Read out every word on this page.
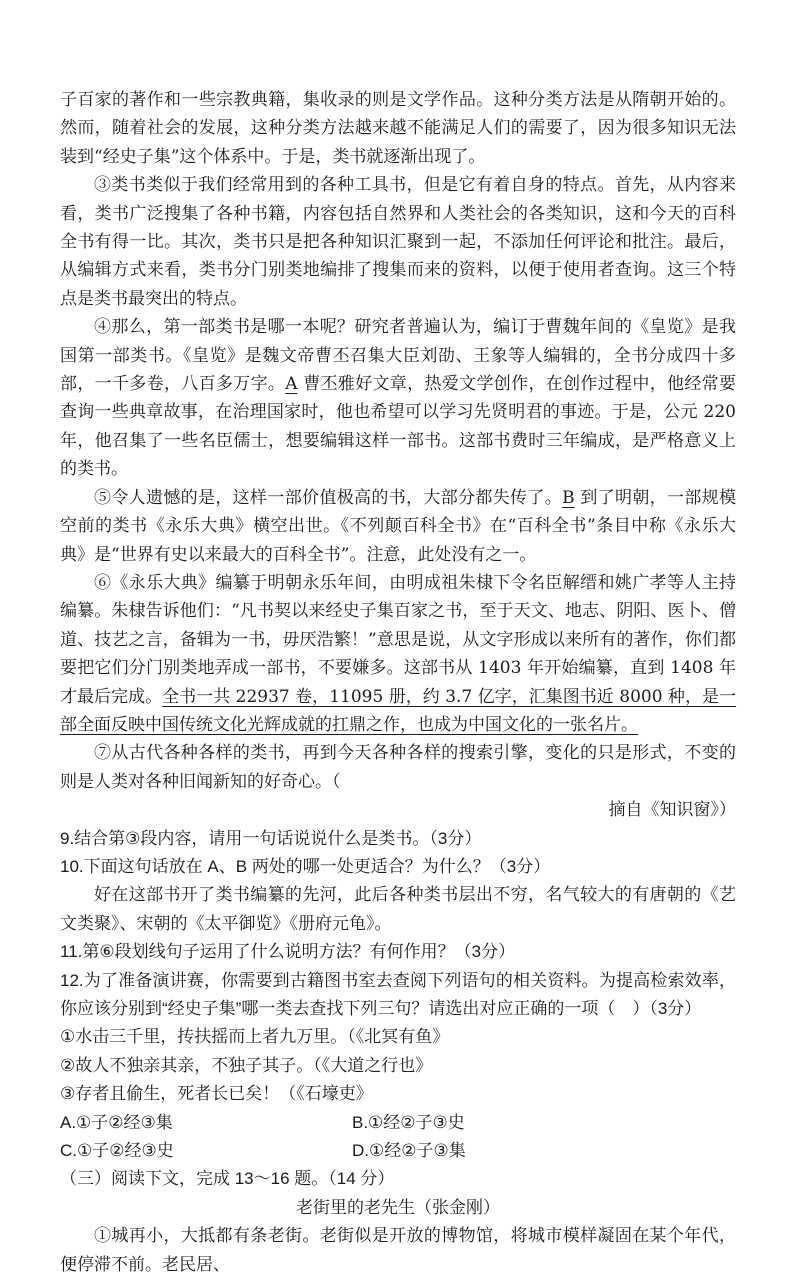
子百家的著作和一些宗教典籍，集收录的则是文学作品。这种分类方法是从隋朝开始的。然而，随着社会的发展，这种分类方法越来越不能满足人们的需要了，因为很多知识无法装到“经史子集”这个体系中。于是，类书就逐渐出现了。

③类书类似于我们经常用到的各种工具书，但是它有着自身的特点。首先，从内容来看，类书广泛搜集了各种书籍，内容包括自然界和人类社会的各类知识，这和今天的百科全书有得一比。其次，类书只是把各种知识汇聚到一起，不添加任何评论和批注。最后，从编辑方式来看，类书分门别类地编排了搜集而来的资料，以便于使用者查询。这三个特点是类书最突出的特点。

④那么，第一部类书是哪一本呢？研究者普遍认为，编订于曹魏年间的《皇览》是我国第一部类书。《皇览》是魏文帝曹丕召集大臣刘劭、王象等人编辑的，全书分成四十多部，一千多卷，八百多万字。A 曹丕雅好文章，热爱文学创作，在创作过程中，他经常要查询一些典章故事，在治理国家时，他也希望可以学习先贤明君的事迹。于是，公元 220 年，他召集了一些名臣儒士，想要编辑这样一部书。这部书费时三年编成，是严格意义上的类书。

⑤令人遗憾的是，这样一部价值极高的书，大部分都失传了。B 到了明朝，一部规模空前的类书《永乐大典》横空出世。《不列颠百科全书》在“百科全书”条目中称《永乐大典》是“世界有史以来最大的百科全书”。注意，此处没有之一。

⑥《永乐大典》编纂于明朝永乐年间，由明成祖朱棣下令名臣解缙和姚广孝等人主持编纂。朱棣告诉他们：“凡书契以来经史子集百家之书，至于天文、地志、阴阳、医卜、僧道、技艺之言，备辑为一书，毋厌浩繁！”意思是说，从文字形成以来所有的著作，你们都要把它们分门别类地弄成一部书，不要嫌多。这部书从 1403 年开始编纂，直到 1408 年才最后完成。全书一共 22937 卷，11095 册，约 3.7 亿字，汇集图书近 8000 种，是一部全面反映中国传统文化光辉成就的扛鼎之作，也成为中国文化的一张名片。

⑦从古代各种各样的类书，再到今天各种各样的搜索引擎，变化的只是形式，不变的则是人类对各种旧闻新知的好奇心。（

摘自《知识窗》）

9.结合第③段内容，请用一句话说说什么是类书。（3分）

10.下面这句话放在 A、B 两处的哪一处更适合？为什么？（3分）

好在这部书开了类书编纂的先河，此后各种类书层出不穷，名气较大的有唐朝的《艺文类聚》、宋朝的《太平御览》《册府元龟》。

11.第⑥段划线句子运用了什么说明方法？有何作用？（3分）

12.为了准备演讲赛，你需要到古籍图书室去查阅下列语句的相关资料。为提高检索效率，你应该分别到“经史子集”哪一类去查找下列三句？请选出对应正确的一项（　）（3分）

①水击三千里，抟扶摇而上者九万里。（《北冥有鱼》

②故人不独亲其亲，不独子其子。（《大道之行也》

③存者且偷生，死者长已矣！（《石壕吏》

A.①子②经③集	B.①经②子③史
C.①子②经③史	D.①经②子③集

（三）阅读下文，完成 13～16 题。（14 分）

老街里的老先生（张金刚）

①城再小，大抵都有条老街。老街似是开放的博物馆，将城市模样凝固在某个年代，便停滞不前。老民居、
